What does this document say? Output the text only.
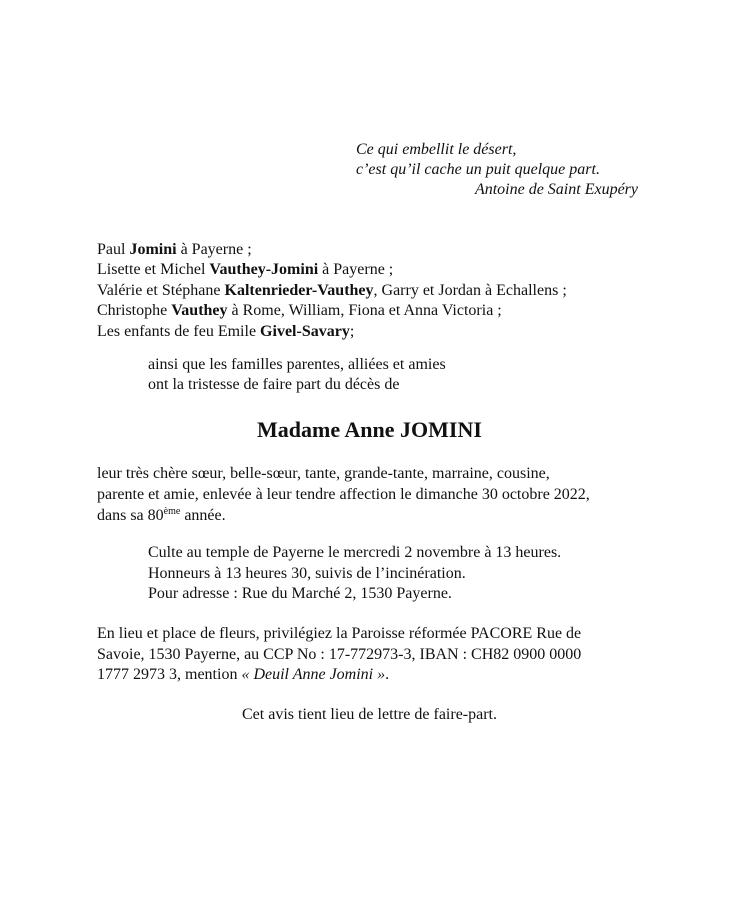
Ce qui embellit le désert,
c’est qu’il cache un puit quelque part.
Antoine de Saint Exupéry
Paul Jomini à Payerne ;
Lisette et Michel Vauthey-Jomini à Payerne ;
Valérie et Stéphane Kaltenrieder-Vauthey, Garry et Jordan à Echallens ;
Christophe Vauthey à Rome, William, Fiona et Anna Victoria ;
Les enfants de feu Emile Givel-Savary;
ainsi que les familles parentes, alliées et amies
ont la tristesse de faire part du décès de
Madame Anne JOMINI
leur très chère sœur, belle-sœur, tante, grande-tante, marraine, cousine,
parente et amie, enlevée à leur tendre affection le dimanche 30 octobre 2022,
dans sa 80ème année.
Culte au temple de Payerne le mercredi 2 novembre à 13 heures.
Honneurs à 13 heures 30, suivis de l’incinération.
Pour adresse : Rue du Marché 2, 1530 Payerne.
En lieu et place de fleurs, privilégiez la Paroisse réformée PACORE Rue de
Savoie, 1530 Payerne, au CCP No : 17-772973-3, IBAN : CH82 0900 0000
1777 2973 3, mention « Deuil Anne Jomini ».
Cet avis tient lieu de lettre de faire-part.
